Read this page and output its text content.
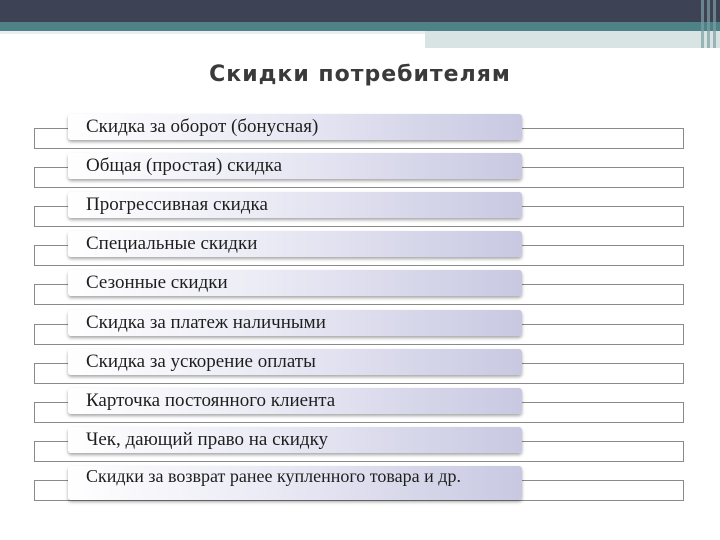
Скидки потребителям
Скидка за оборот (бонусная)
Общая (простая) скидка
Прогрессивная скидка
Специальные скидки
Сезонные скидки
Скидка за платеж наличными
Скидка за ускорение оплаты
Карточка постоянного клиента
Чек, дающий право на скидку
Скидки за возврат ранее купленного товара и др.
